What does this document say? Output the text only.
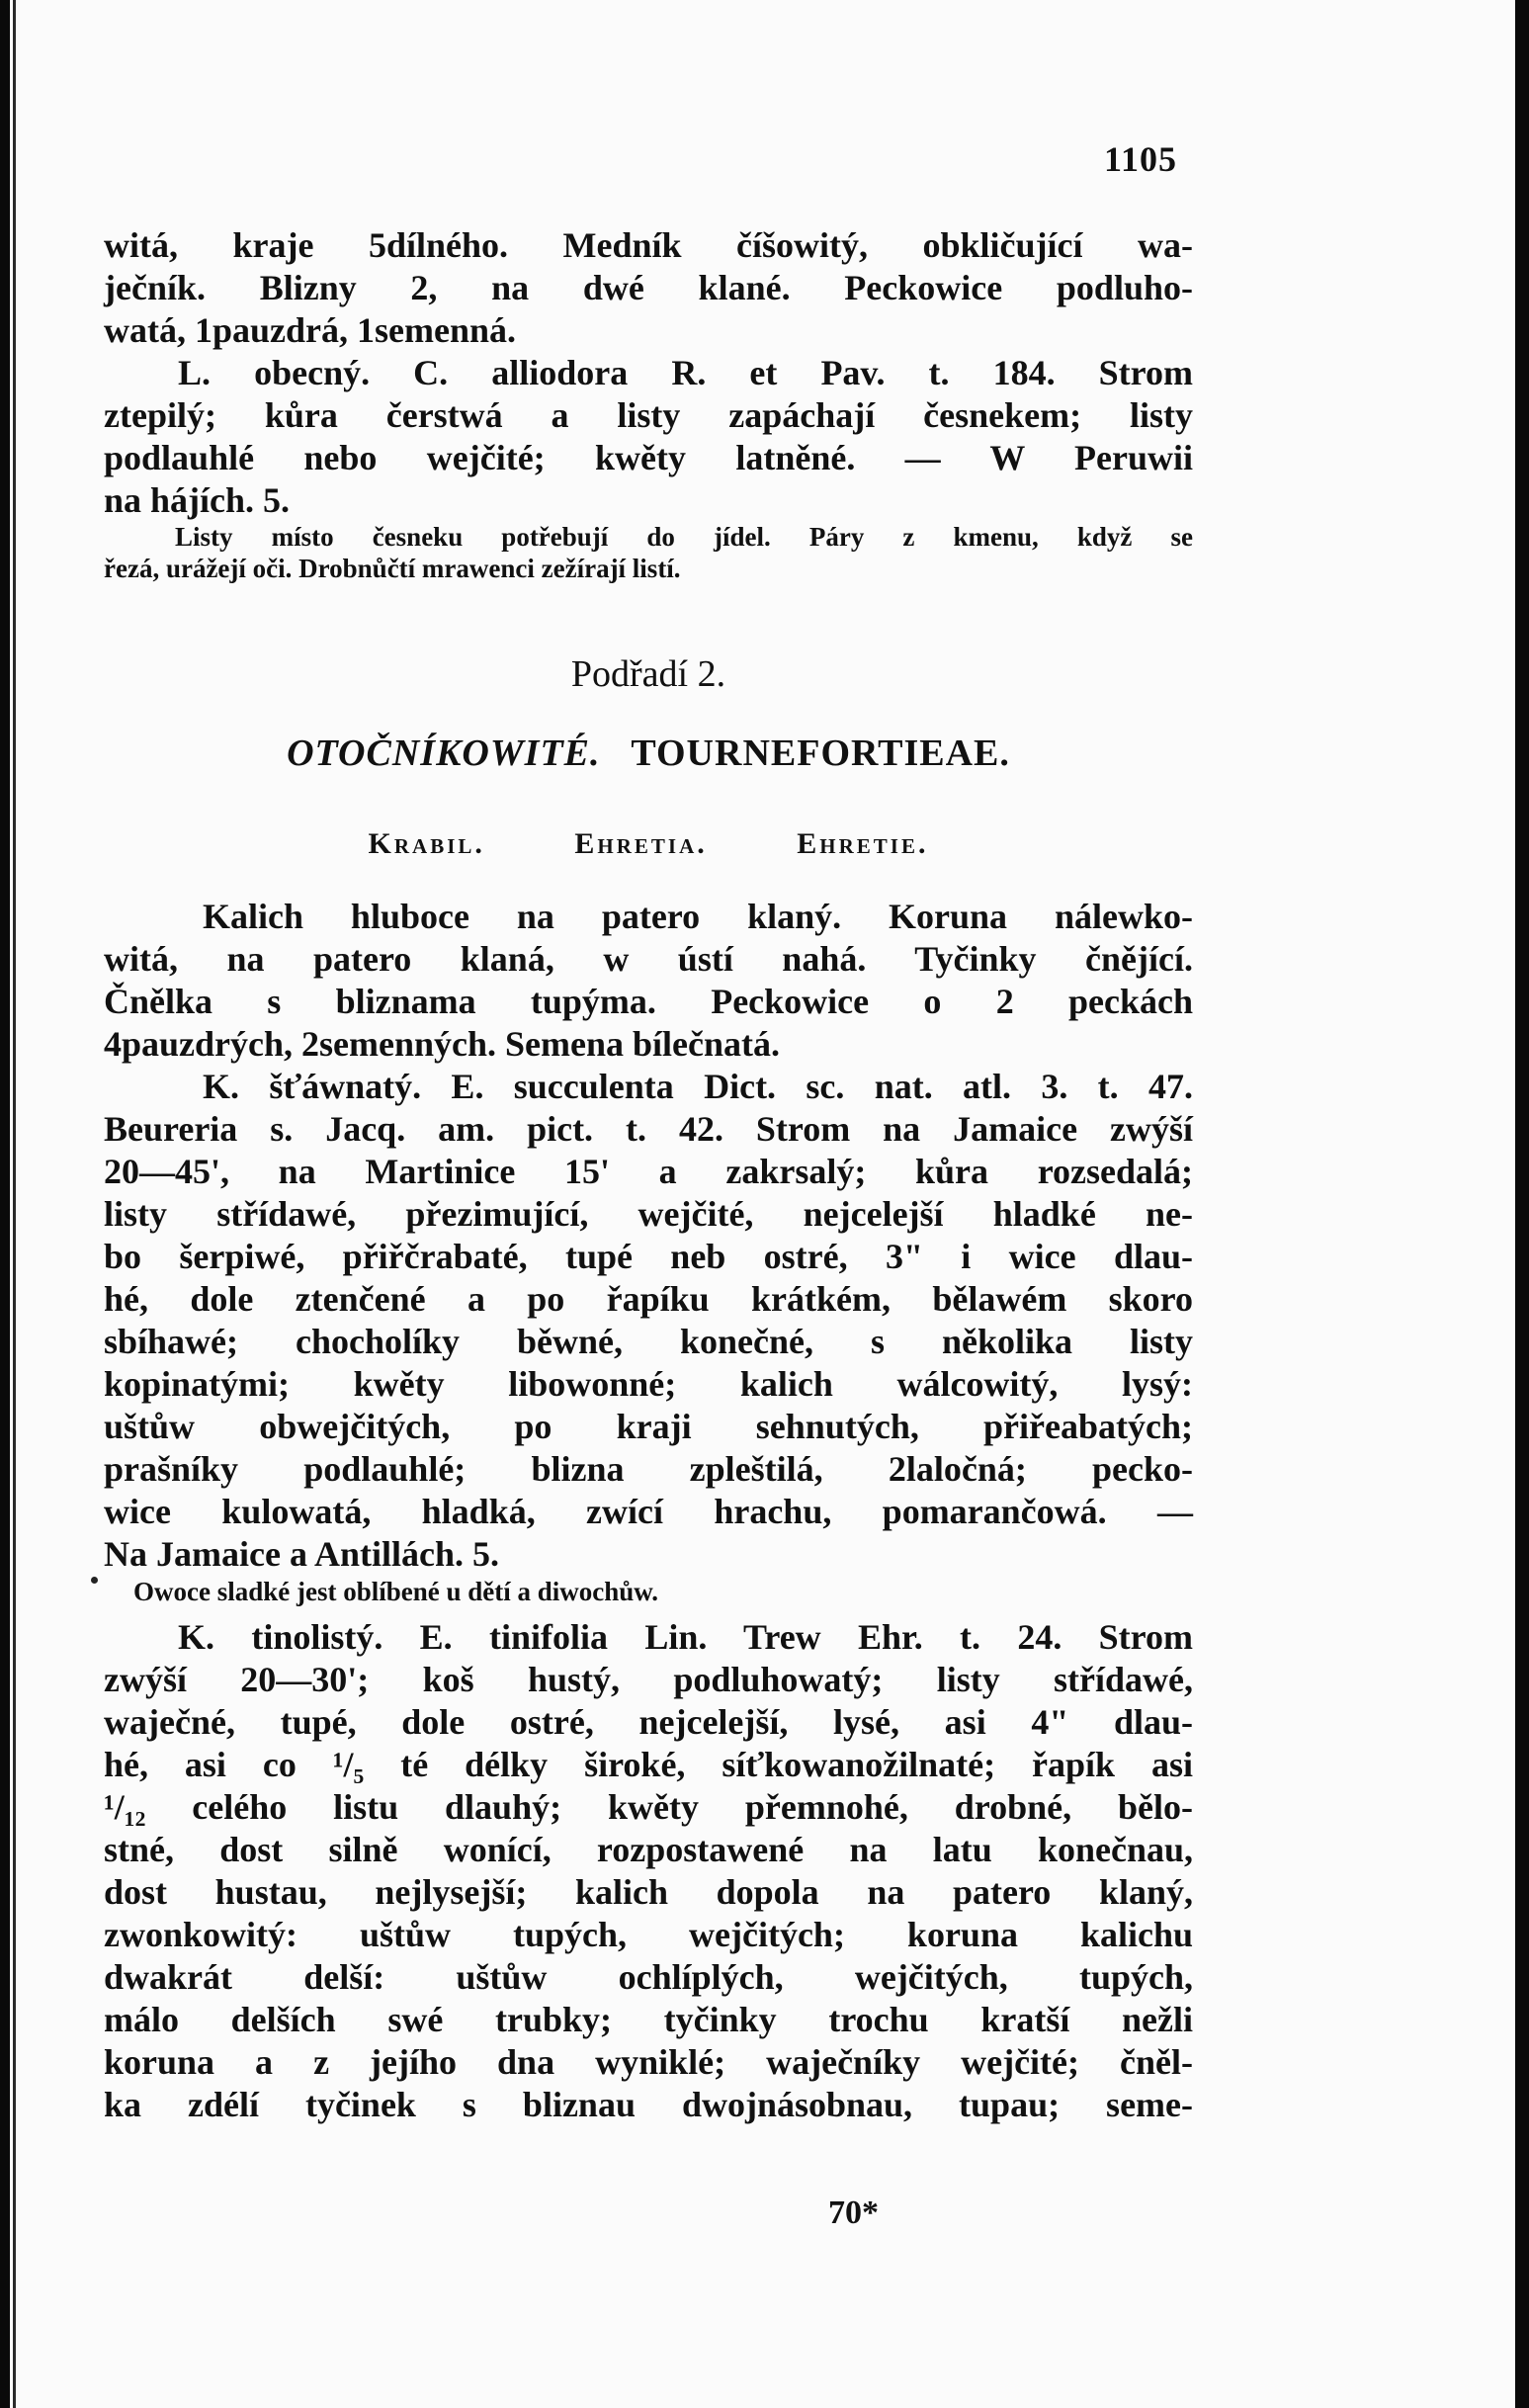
1105

witá, kraje 5dílného. Medník číšowitý, obkličující wa-

ječník. Blizny 2, na dwé klané. Peckowice podluho-

watá, 1pauzdrá, 1semenná.

L. obecný. C. alliodora R. et Pav. t. 184. Strom

ztepilý; kůra čerstwá a listy zapáchají česnekem; listy

podlauhlé nebo wejčité; kwěty latněné. — W Peruwii

na hájích. 5.

Listy místo česneku potřebují do jídel. Páry z kmenu, když se

řezá, urážejí oči. Drobnůčtí mrawenci zežírají listí.

Podřadí 2.
OTOČNÍKOWITÉ. TOURNEFORTIEAE.
Krabil.	Ehretia.	Ehretie.

Kalich hluboce na patero klaný. Koruna nálewko-

witá, na patero klaná, w ústí nahá. Tyčinky čnějící.

Čnělka s bliznama tupýma. Peckowice o 2 peckách

4pauzdrých, 2semenných. Semena bílečnatá.

K. šťáwnatý. E. succulenta Dict. sc. nat. atl. 3. t. 47.

Beureria s. Jacq. am. pict. t. 42. Strom na Jamaice zwýší

20—45', na Martinice 15' a zakrsalý; kůra rozsedalá;

listy střídawé, přezimující, wejčité, nejcelejší hladké ne-

bo šerpiwé, přiřčrabaté, tupé neb ostré, 3" i wice dlau-

hé, dole ztenčené a po řapíku krátkém, bělawém skoro

sbíhawé; chocholíky běwné, konečné, s několika listy

kopinatými; kwěty libowonné; kalich wálcowitý, lysý:

uštůw obwejčitých, po kraji sehnutých, přiřeabatých;

prašníky podlauhlé; blizna zpleštilá, 2laločná; pecko-

wice kulowatá, hladká, zwící hrachu, pomarančowá. —

Na Jamaice a Antillách. 5.

Owoce sladké jest oblíbené u dětí a diwochůw.

K. tinolistý. E. tinifolia Lin. Trew Ehr. t. 24. Strom

zwýší 20—30'; koš hustý, podluhowatý; listy střídawé,

waječné, tupé, dole ostré, nejcelejší, lysé, asi 4" dlau-

hé, asi co ¹/₅ té délky široké, síťkowanožilnaté; řapík asi

¹/₁₂ celého listu dlauhý; kwěty přemnohé, drobné, bělo-

stné, dost silně wonící, rozpostawené na latu konečnau,

dost hustau, nejlysejší; kalich dopola na patero klaný,

zwonkowitý: uštůw tupých, wejčitých; koruna kalichu

dwakrát delší: uštůw ochlíplých, wejčitých, tupých,

málo delších swé trubky; tyčinky trochu kratší nežli

koruna a z jejího dna wyniklé; waječníky wejčité; čněl-

ka zdélí tyčinek s bliznau dwojnásobnau, tupau; seme-

70*
